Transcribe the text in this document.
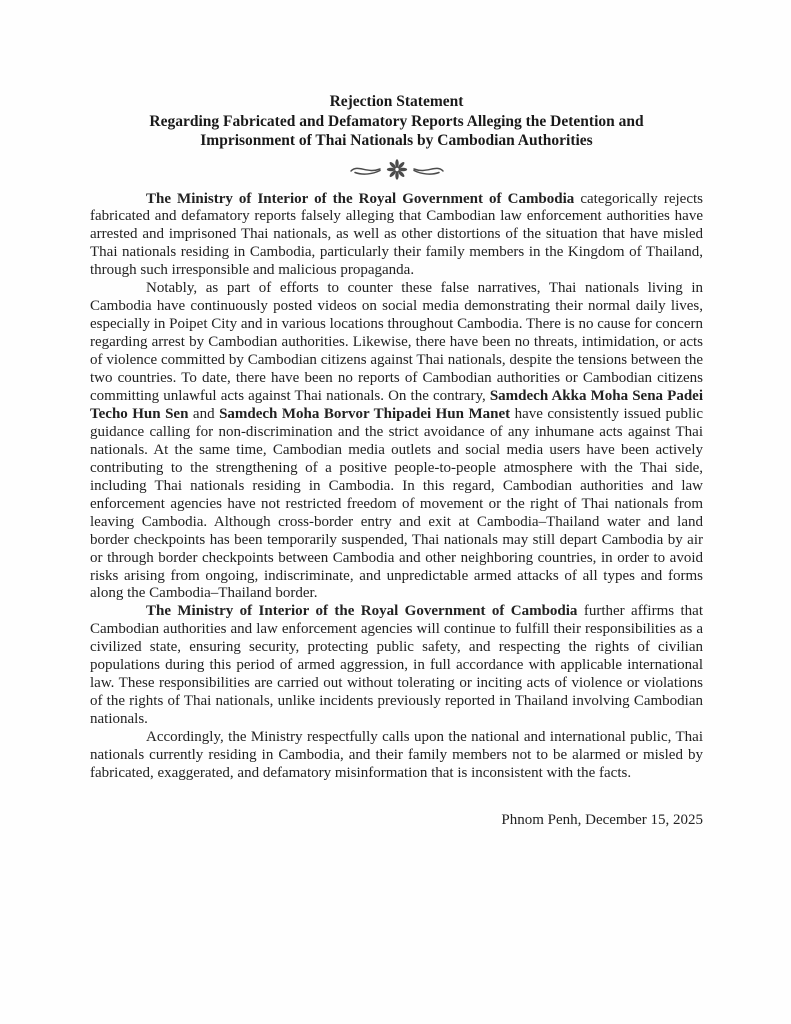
Rejection Statement
Regarding Fabricated and Defamatory Reports Alleging the Detention and
Imprisonment of Thai Nationals by Cambodian Authorities

The Ministry of Interior of the Royal Government of Cambodia categorically rejects fabricated and defamatory reports falsely alleging that Cambodian law enforcement authorities have arrested and imprisoned Thai nationals, as well as other distortions of the situation that have misled Thai nationals residing in Cambodia, particularly their family members in the Kingdom of Thailand, through such irresponsible and malicious propaganda.

Notably, as part of efforts to counter these false narratives, Thai nationals living in Cambodia have continuously posted videos on social media demonstrating their normal daily lives, especially in Poipet City and in various locations throughout Cambodia. There is no cause for concern regarding arrest by Cambodian authorities. Likewise, there have been no threats, intimidation, or acts of violence committed by Cambodian citizens against Thai nationals, despite the tensions between the two countries. To date, there have been no reports of Cambodian authorities or Cambodian citizens committing unlawful acts against Thai nationals. On the contrary, Samdech Akka Moha Sena Padei Techo Hun Sen and Samdech Moha Borvor Thipadei Hun Manet have consistently issued public guidance calling for non-discrimination and the strict avoidance of any inhumane acts against Thai nationals. At the same time, Cambodian media outlets and social media users have been actively contributing to the strengthening of a positive people-to-people atmosphere with the Thai side, including Thai nationals residing in Cambodia. In this regard, Cambodian authorities and law enforcement agencies have not restricted freedom of movement or the right of Thai nationals from leaving Cambodia. Although cross-border entry and exit at Cambodia–Thailand water and land border checkpoints has been temporarily suspended, Thai nationals may still depart Cambodia by air or through border checkpoints between Cambodia and other neighboring countries, in order to avoid risks arising from ongoing, indiscriminate, and unpredictable armed attacks of all types and forms along the Cambodia–Thailand border.

The Ministry of Interior of the Royal Government of Cambodia further affirms that Cambodian authorities and law enforcement agencies will continue to fulfill their responsibilities as a civilized state, ensuring security, protecting public safety, and respecting the rights of civilian populations during this period of armed aggression, in full accordance with applicable international law. These responsibilities are carried out without tolerating or inciting acts of violence or violations of the rights of Thai nationals, unlike incidents previously reported in Thailand involving Cambodian nationals.

Accordingly, the Ministry respectfully calls upon the national and international public, Thai nationals currently residing in Cambodia, and their family members not to be alarmed or misled by fabricated, exaggerated, and defamatory misinformation that is inconsistent with the facts.

Phnom Penh, December 15, 2025
